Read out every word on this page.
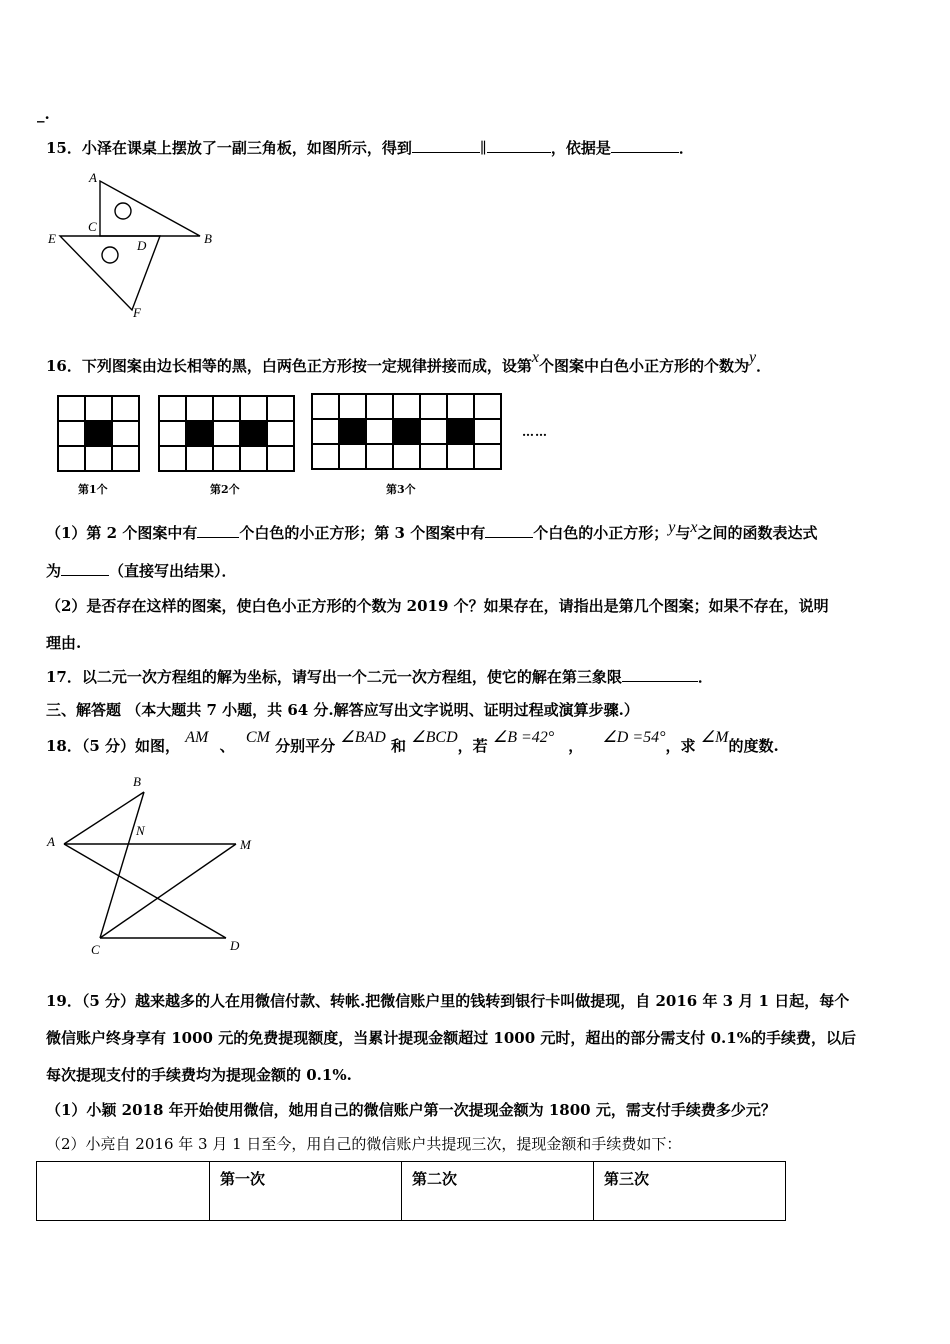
_.
15．小泽在课桌上摆放了一副三角板，如图所示，得到	∥	，依据是	．
A
B
C
D
E
F
16．下列图案由边长相等的黑，白两色正方形按一定规律拼接而成，设第x个图案中白色小正方形的个数为y．

……
第1个	第2个	第3个
（1）第 2 个图案中有	个白色的小正方形；第 3 个图案中有	个白色的小正方形；y与x之间的函数表达式
为	（直接写出结果）．
（2）是否存在这样的图案，使白色小正方形的个数为 2019 个？如果存在，请指出是第几个图案；如果不存在，说明
理由.
17．以二元一次方程组的解为坐标，请写出一个二元一次方程组，使它的解在第三象限	．
三、解答题 （本大题共 7 小题，共 64 分.解答应写出文字说明、证明过程或演算步骤.）
18．（5 分）如图， AM 、 CM 分别平分 ∠BAD 和 ∠BCD，若 ∠B =42° ， ∠D =54°，求 ∠M的度数.
B
N
A	M
C	D
19．（5 分）越来越多的人在用微信付款、转帐.把微信账户里的钱转到银行卡叫做提现，自 2016 年 3 月 1 日起，每个
微信账户终身享有 1000 元的免费提现额度，当累计提现金额超过 1000 元时，超出的部分需支付 0.1%的手续费，以后
每次提现支付的手续费均为提现金额的 0.1%.
（1）小颖 2018 年开始使用微信，她用自己的微信账户第一次提现金额为 1800 元，需支付手续费多少元？
（2）小亮自 2016 年 3 月 1 日至今，用自己的微信账户共提现三次，提现金额和手续费如下：
	第一次	第二次	第三次
